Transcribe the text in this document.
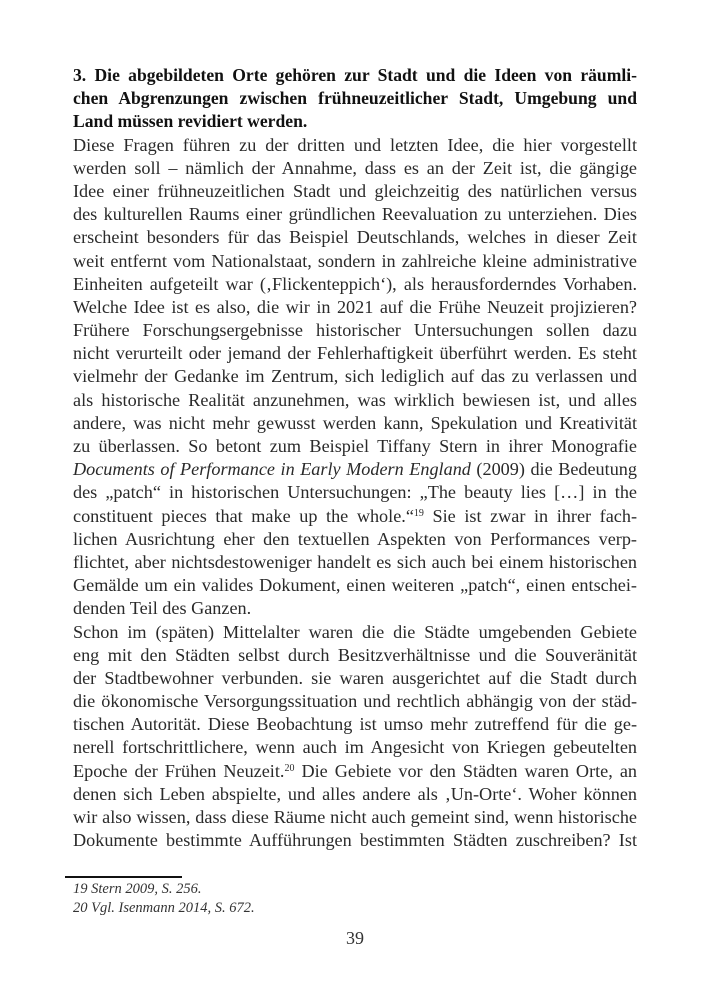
3. Die abgebildeten Orte gehören zur Stadt und die Ideen von räumli-
chen Abgrenzungen zwischen frühneuzeitlicher Stadt, Umgebung und
Land müssen revidiert werden.
Diese Fragen führen zu der dritten und letzten Idee, die hier vorgestellt
werden soll – nämlich der Annahme, dass es an der Zeit ist, die gängige
Idee einer frühneuzeitlichen Stadt und gleichzeitig des natürlichen versus
des kulturellen Raums einer gründlichen Reevaluation zu unterziehen. Dies
erscheint besonders für das Beispiel Deutschlands, welches in dieser Zeit
weit entfernt vom Nationalstaat, sondern in zahlreiche kleine administrative
Einheiten aufgeteilt war (‚Flickenteppich‘), als herausforderndes Vorhaben.
Welche Idee ist es also, die wir in 2021 auf die Frühe Neuzeit projizieren?
Frühere Forschungsergebnisse historischer Untersuchungen sollen dazu
nicht verurteilt oder jemand der Fehlerhaftigkeit überführt werden. Es steht
vielmehr der Gedanke im Zentrum, sich lediglich auf das zu verlassen und
als historische Realität anzunehmen, was wirklich bewiesen ist, und alles
andere, was nicht mehr gewusst werden kann, Spekulation und Kreativität
zu überlassen. So betont zum Beispiel Tiffany Stern in ihrer Monografie
Documents of Performance in Early Modern England (2009) die Bedeutung
des „patch“ in historischen Untersuchungen: „The beauty lies […] in the
constituent pieces that make up the whole.“$^{19}$ Sie ist zwar in ihrer fach-
lichen Ausrichtung eher den textuellen Aspekten von Performances verp-
flichtet, aber nichtsdestoweniger handelt es sich auch bei einem historischen
Gemälde um ein valides Dokument, einen weiteren „patch“, einen entschei-
denden Teil des Ganzen.
Schon im (späten) Mittelalter waren die die Städte umgebenden Gebiete
eng mit den Städten selbst durch Besitzverhältnisse und die Souveränität
der Stadtbewohner verbunden. sie waren ausgerichtet auf die Stadt durch
die ökonomische Versorgungssituation und rechtlich abhängig von der städ-
tischen Autorität. Diese Beobachtung ist umso mehr zutreffend für die ge-
nerell fortschrittlichere, wenn auch im Angesicht von Kriegen gebeutelten
Epoche der Frühen Neuzeit.$^{20}$ Die Gebiete vor den Städten waren Orte, an
denen sich Leben abspielte, und alles andere als ‚Un-Orte‘. Woher können
wir also wissen, dass diese Räume nicht auch gemeint sind, wenn historische
Dokumente bestimmte Aufführungen bestimmten Städten zuschreiben? Ist
19 Stern 2009, S. 256.
20 Vgl. Isenmann 2014, S. 672.
39
